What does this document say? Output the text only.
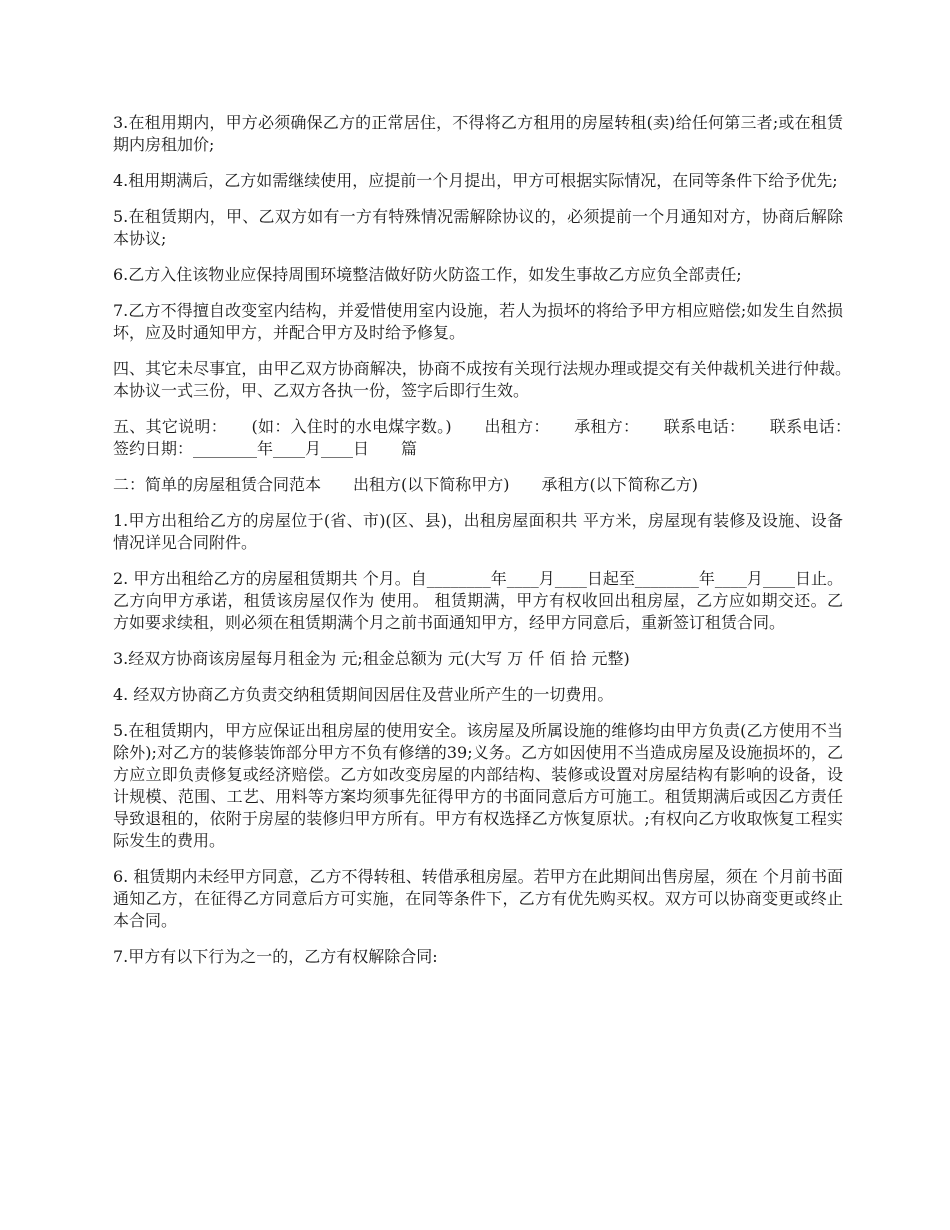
3.在租用期内，甲方必须确保乙方的正常居住，不得将乙方租用的房屋转租(卖)给任何第三者;或在租赁期内房租加价;

4.租用期满后，乙方如需继续使用，应提前一个月提出，甲方可根据实际情况，在同等条件下给予优先;

5.在租赁期内，甲、乙双方如有一方有特殊情况需解除协议的，必须提前一个月通知对方，协商后解除本协议;

6.乙方入住该物业应保持周围环境整洁做好防火防盗工作，如发生事故乙方应负全部责任;

7.乙方不得擅自改变室内结构，并爱惜使用室内设施，若人为损坏的将给予甲方相应赔偿;如发生自然损坏，应及时通知甲方，并配合甲方及时给予修复。

四、其它未尽事宜，由甲乙双方协商解决，协商不成按有关现行法规办理或提交有关仲裁机关进行仲裁。　　本协议一式三份，甲、乙双方各执一份，签字后即行生效。

五、其它说明：　　(如：入住时的水电煤字数。)　　出租方：　　承租方：　　联系电话：　　联系电话：　　签约日期：________年____月____日　　篇

二：简单的房屋租赁合同范本　　出租方(以下简称甲方)　　承租方(以下简称乙方)

1.甲方出租给乙方的房屋位于(省、市)(区、县)，出租房屋面积共 平方米，房屋现有装修及设施、设备情况详见合同附件。

2. 甲方出租给乙方的房屋租赁期共 个月。自________年____月____日起至________年____月____日止。乙方向甲方承诺，租赁该房屋仅作为 使用。 租赁期满，甲方有权收回出租房屋，乙方应如期交还。乙方如要求续租，则必须在租赁期满个月之前书面通知甲方，经甲方同意后，重新签订租赁合同。

3.经双方协商该房屋每月租金为 元;租金总额为 元(大写 万 仟 佰 拾 元整)

4. 经双方协商乙方负责交纳租赁期间因居住及营业所产生的一切费用。

5.在租赁期内，甲方应保证出租房屋的使用安全。该房屋及所属设施的维修均由甲方负责(乙方使用不当除外);对乙方的装修装饰部分甲方不负有修缮的39;义务。乙方如因使用不当造成房屋及设施损坏的，乙方应立即负责修复或经济赔偿。乙方如改变房屋的内部结构、装修或设置对房屋结构有影响的设备，设计规模、范围、工艺、用料等方案均须事先征得甲方的书面同意后方可施工。租赁期满后或因乙方责任导致退租的，依附于房屋的装修归甲方所有。甲方有权选择乙方恢复原状。;有权向乙方收取恢复工程实际发生的费用。

6. 租赁期内未经甲方同意，乙方不得转租、转借承租房屋。若甲方在此期间出售房屋，须在 个月前书面通知乙方，在征得乙方同意后方可实施，在同等条件下，乙方有优先购买权。双方可以协商变更或终止本合同。

7.甲方有以下行为之一的，乙方有权解除合同:
